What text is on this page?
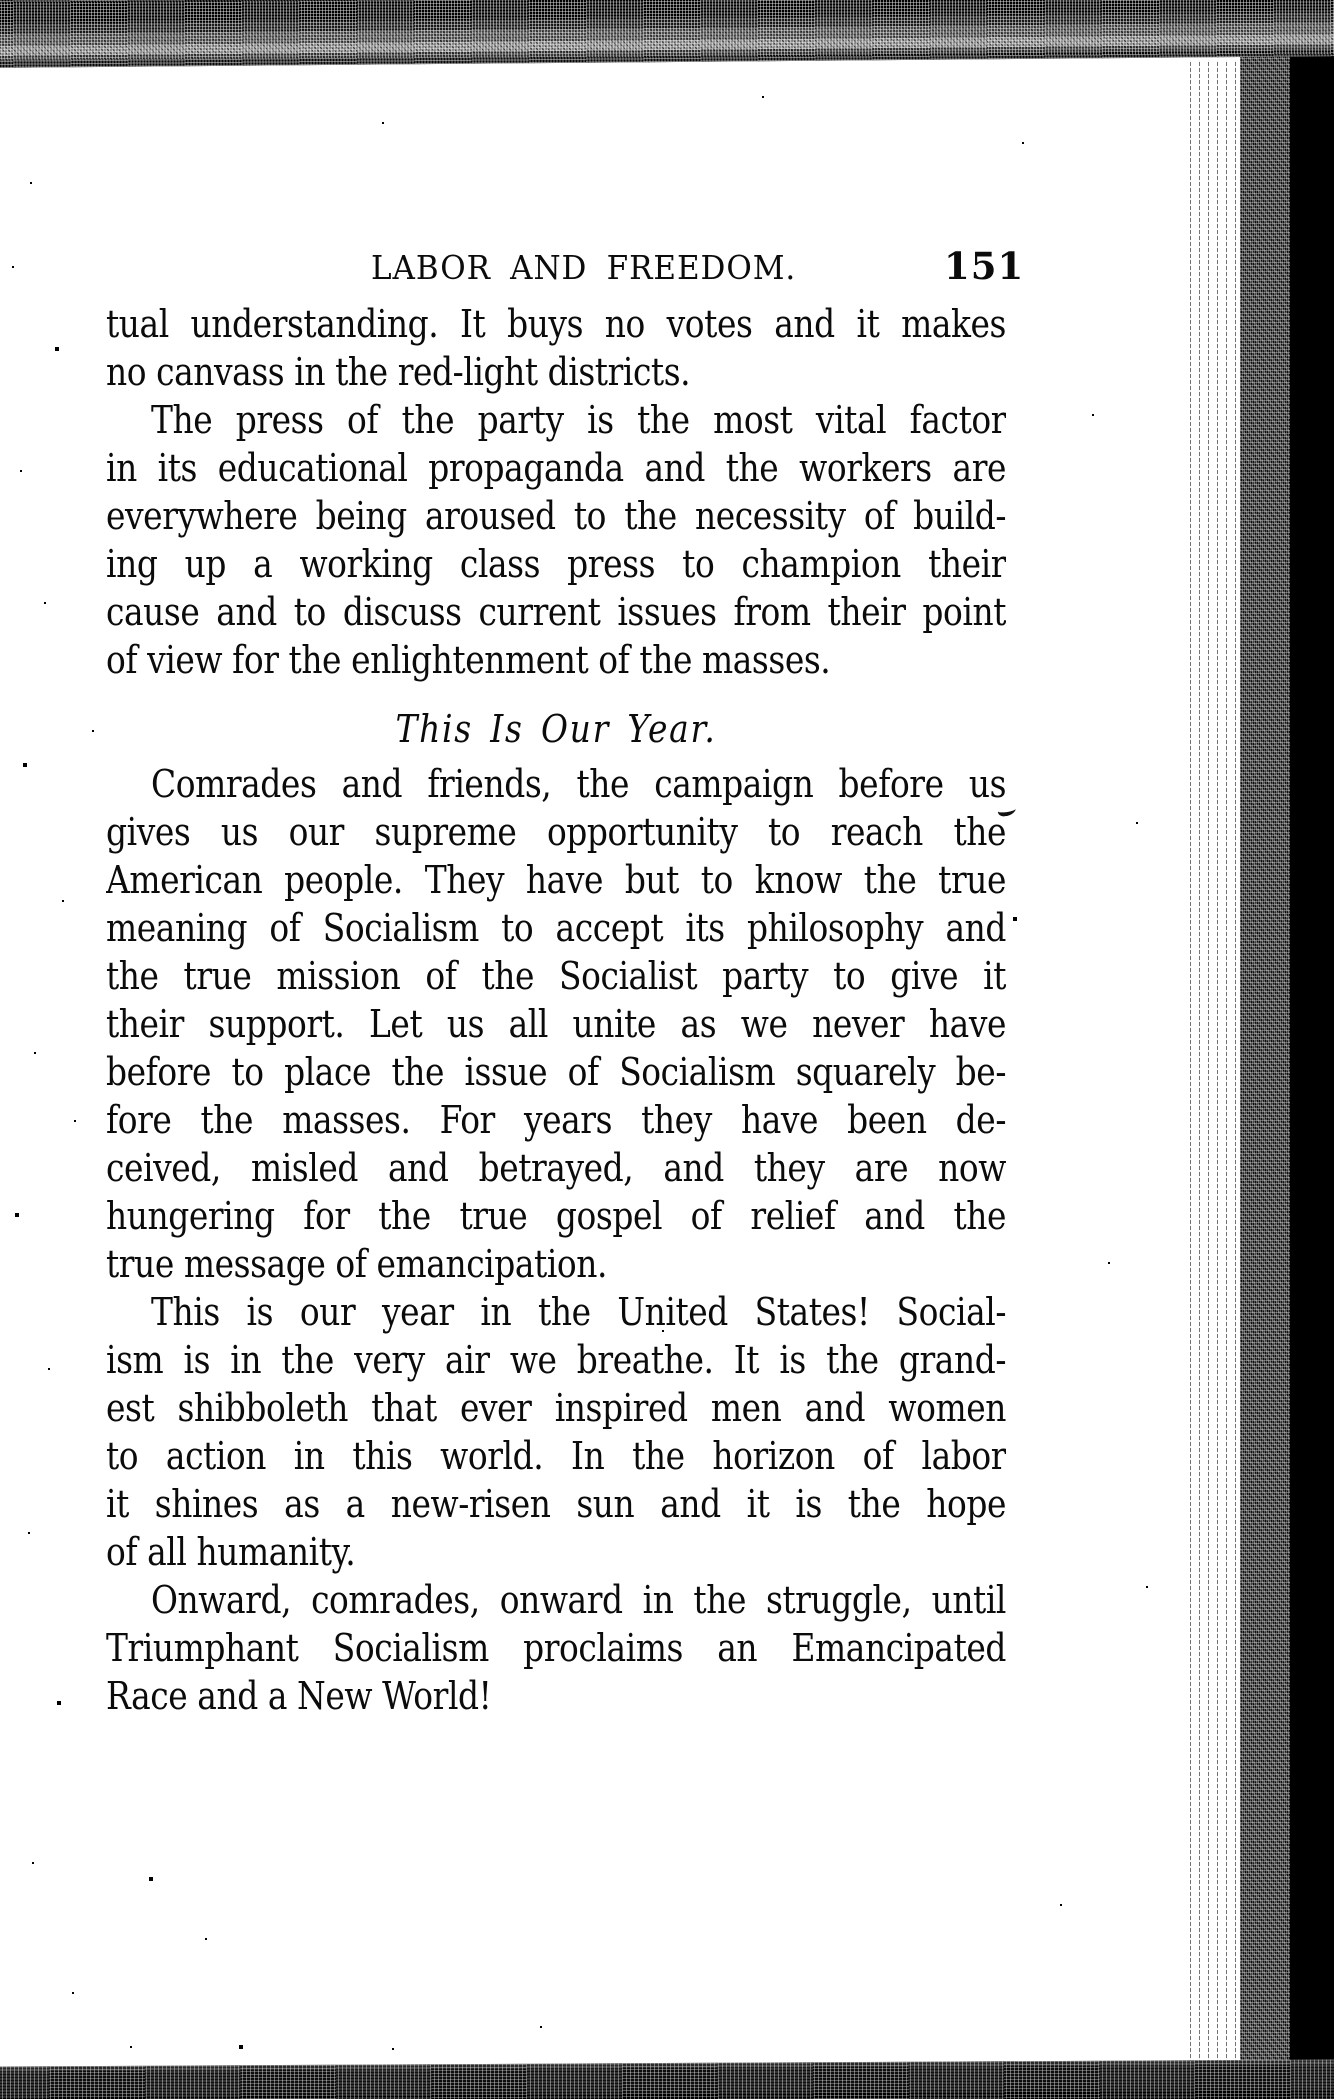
LABOR AND FREEDOM.	151
tual understanding. It buys no votes and it makes
no canvass in the red-light districts.
The press of the party is the most vital factor
in its educational propaganda and the workers are
everywhere being aroused to the necessity of build-
ing up a working class press to champion their
cause and to discuss current issues from their point
of view for the enlightenment of the masses.
This Is Our Year.
Comrades and friends, the campaign before us
gives us our supreme opportunity to reach the
American people. They have but to know the true
meaning of Socialism to accept its philosophy and
the true mission of the Socialist party to give it
their support. Let us all unite as we never have
before to place the issue of Socialism squarely be-
fore the masses. For years they have been de-
ceived, misled and betrayed, and they are now
hungering for the true gospel of relief and the
true message of emancipation.
This is our year in the United States! Social-
ism is in the very air we breathe. It is the grand-
est shibboleth that ever inspired men and women
to action in this world. In the horizon of labor
it shines as a new-risen sun and it is the hope
of all humanity.
Onward, comrades, onward in the struggle, until
Triumphant Socialism proclaims an Emancipated
Race and a New World!
